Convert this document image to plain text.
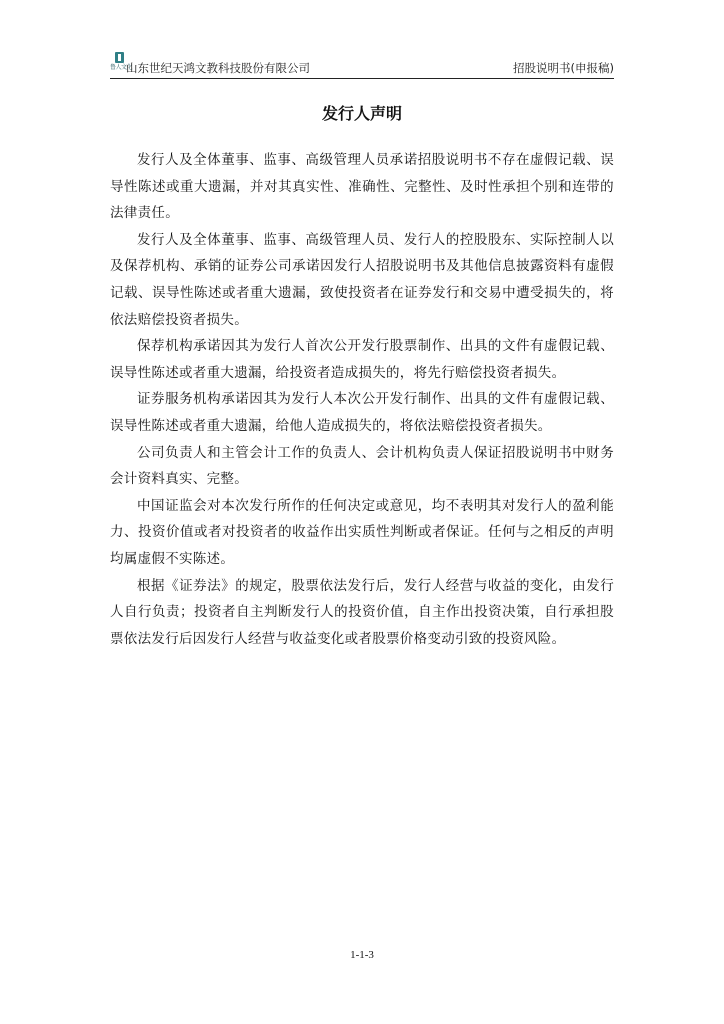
鲁人文化
山东世纪天鸿文教科技股份有限公司	招股说明书(申报稿)
发行人声明

发行人及全体董事、监事、高级管理人员承诺招股说明书不存在虚假记载、误导性陈述或重大遗漏，并对其真实性、准确性、完整性、及时性承担个别和连带的法律责任。

发行人及全体董事、监事、高级管理人员、发行人的控股股东、实际控制人以及保荐机构、承销的证券公司承诺因发行人招股说明书及其他信息披露资料有虚假记载、误导性陈述或者重大遗漏，致使投资者在证券发行和交易中遭受损失的，将依法赔偿投资者损失。

保荐机构承诺因其为发行人首次公开发行股票制作、出具的文件有虚假记载、误导性陈述或者重大遗漏，给投资者造成损失的，将先行赔偿投资者损失。

证券服务机构承诺因其为发行人本次公开发行制作、出具的文件有虚假记载、误导性陈述或者重大遗漏，给他人造成损失的，将依法赔偿投资者损失。

公司负责人和主管会计工作的负责人、会计机构负责人保证招股说明书中财务会计资料真实、完整。

中国证监会对本次发行所作的任何决定或意见，均不表明其对发行人的盈利能力、投资价值或者对投资者的收益作出实质性判断或者保证。任何与之相反的声明均属虚假不实陈述。

根据《证券法》的规定，股票依法发行后，发行人经营与收益的变化，由发行人自行负责；投资者自主判断发行人的投资价值，自主作出投资决策，自行承担股票依法发行后因发行人经营与收益变化或者股票价格变动引致的投资风险。

1-1-3
